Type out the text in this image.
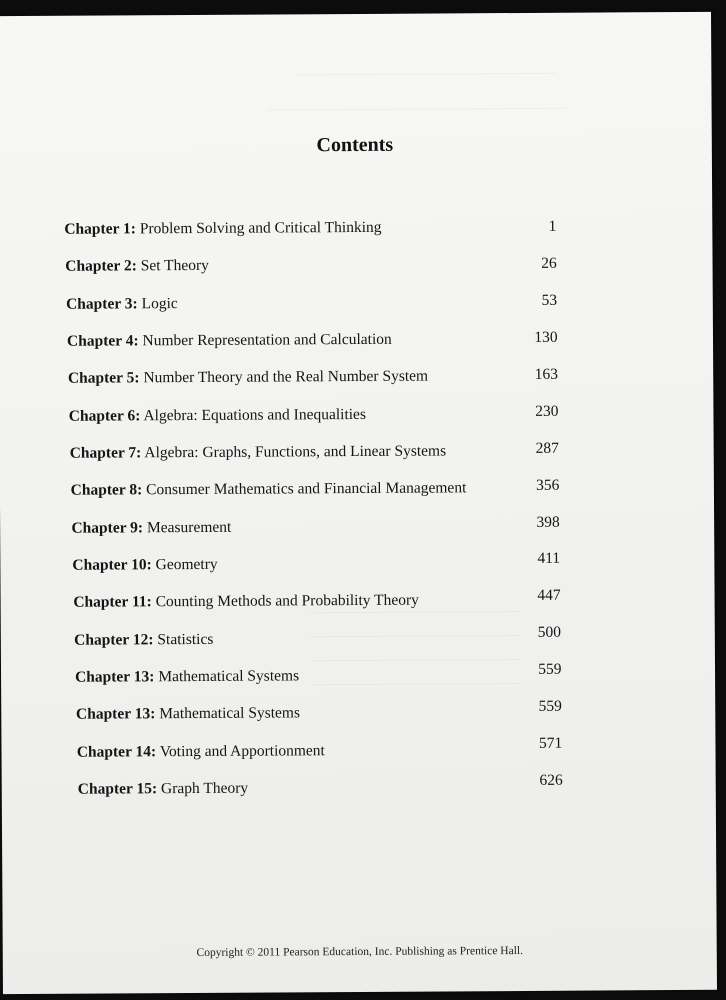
Contents
Chapter 1: Problem Solving and Critical Thinking	1
Chapter 2: Set Theory	26
Chapter 3: Logic	53
Chapter 4: Number Representation and Calculation	130
Chapter 5: Number Theory and the Real Number System	163
Chapter 6: Algebra: Equations and Inequalities	230
Chapter 7: Algebra: Graphs, Functions, and Linear Systems	287
Chapter 8: Consumer Mathematics and Financial Management	356
Chapter 9: Measurement	398
Chapter 10: Geometry	411
Chapter 11: Counting Methods and Probability Theory	447
Chapter 12: Statistics	500
Chapter 13: Mathematical Systems	559
Chapter 13: Mathematical Systems	559
Chapter 14: Voting and Apportionment	571
Chapter 15: Graph Theory	626
Copyright © 2011 Pearson Education, Inc. Publishing as Prentice Hall.
